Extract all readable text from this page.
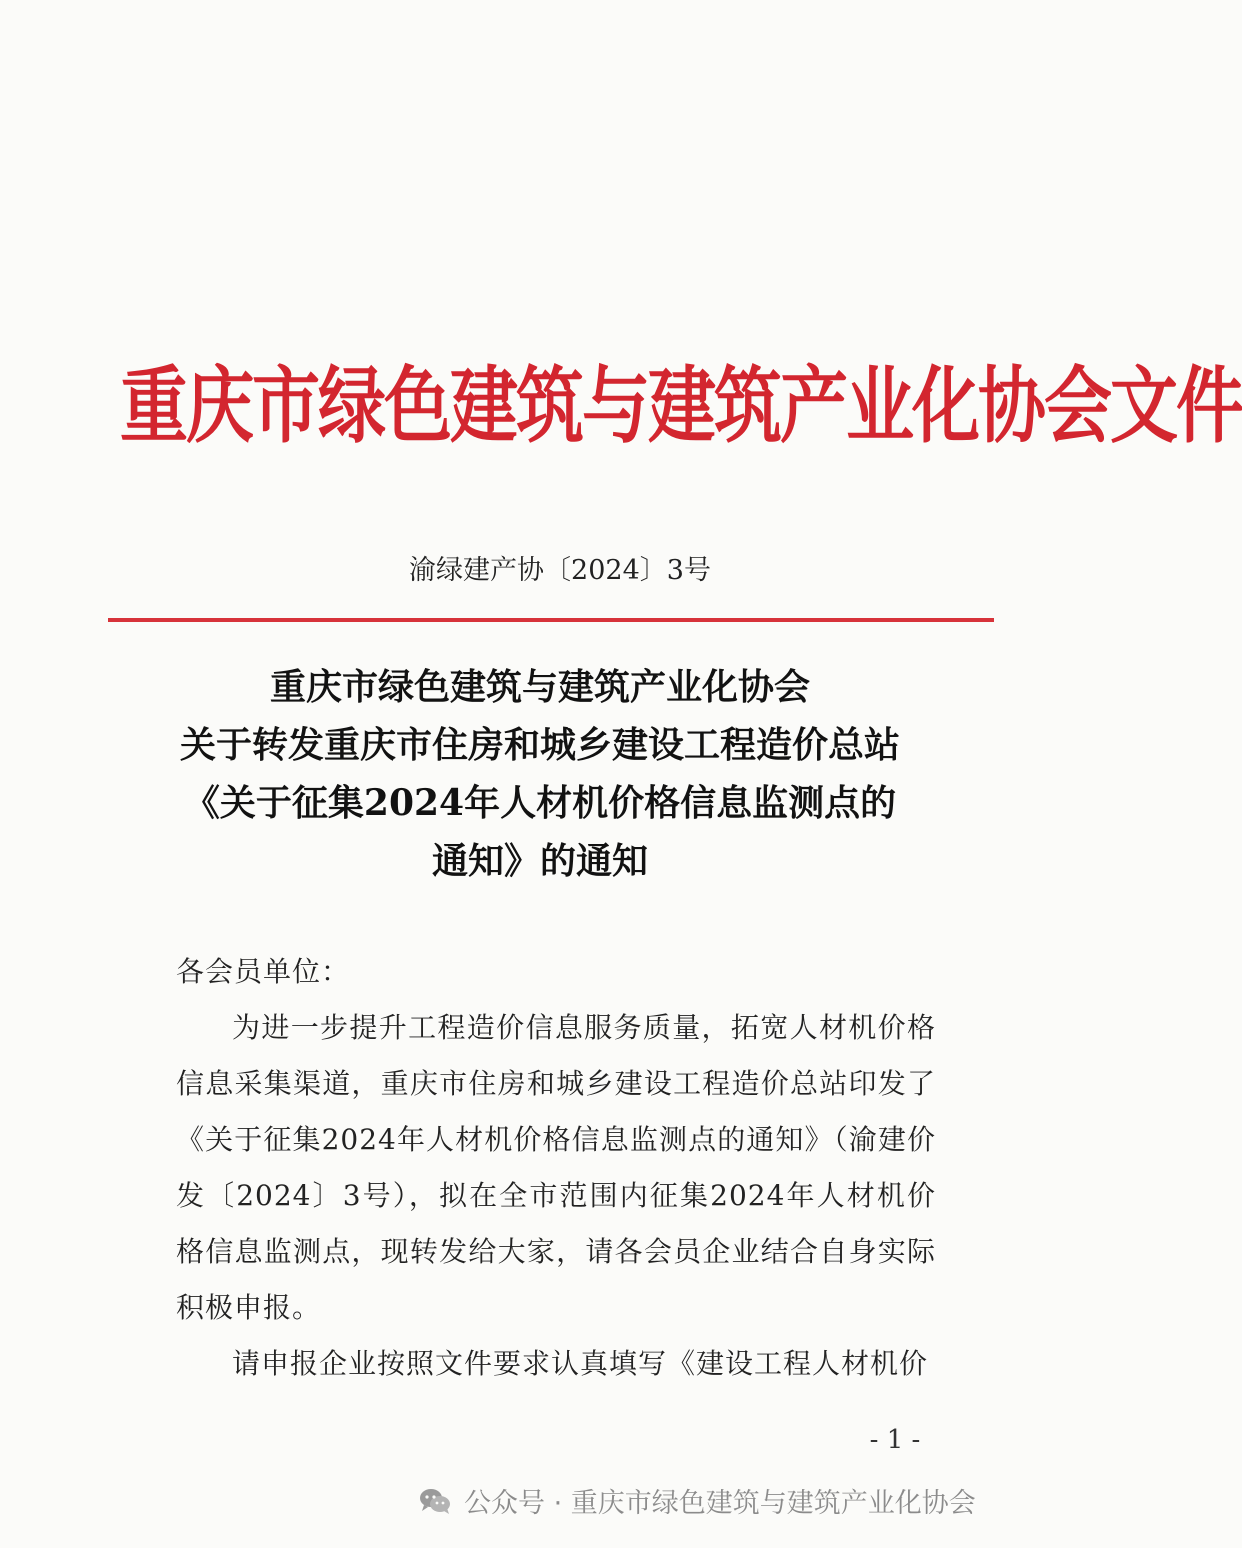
重庆市绿色建筑与建筑产业化协会文件
渝绿建产协〔2024〕3号
重庆市绿色建筑与建筑产业化协会
关于转发重庆市住房和城乡建设工程造价总站
《关于征集2024年人材机价格信息监测点的
通知》的通知

各会员单位：

为进一步提升工程造价信息服务质量，拓宽人材机价格信息采集渠道，重庆市住房和城乡建设工程造价总站印发了《关于征集2024年人材机价格信息监测点的通知》（渝建价发〔2024〕3号），拟在全市范围内征集2024年人材机价格信息监测点，现转发给大家，请各会员企业结合自身实际积极申报。

请申报企业按照文件要求认真填写《建设工程人材机价

- 1 -
公众号 · 重庆市绿色建筑与建筑产业化协会
